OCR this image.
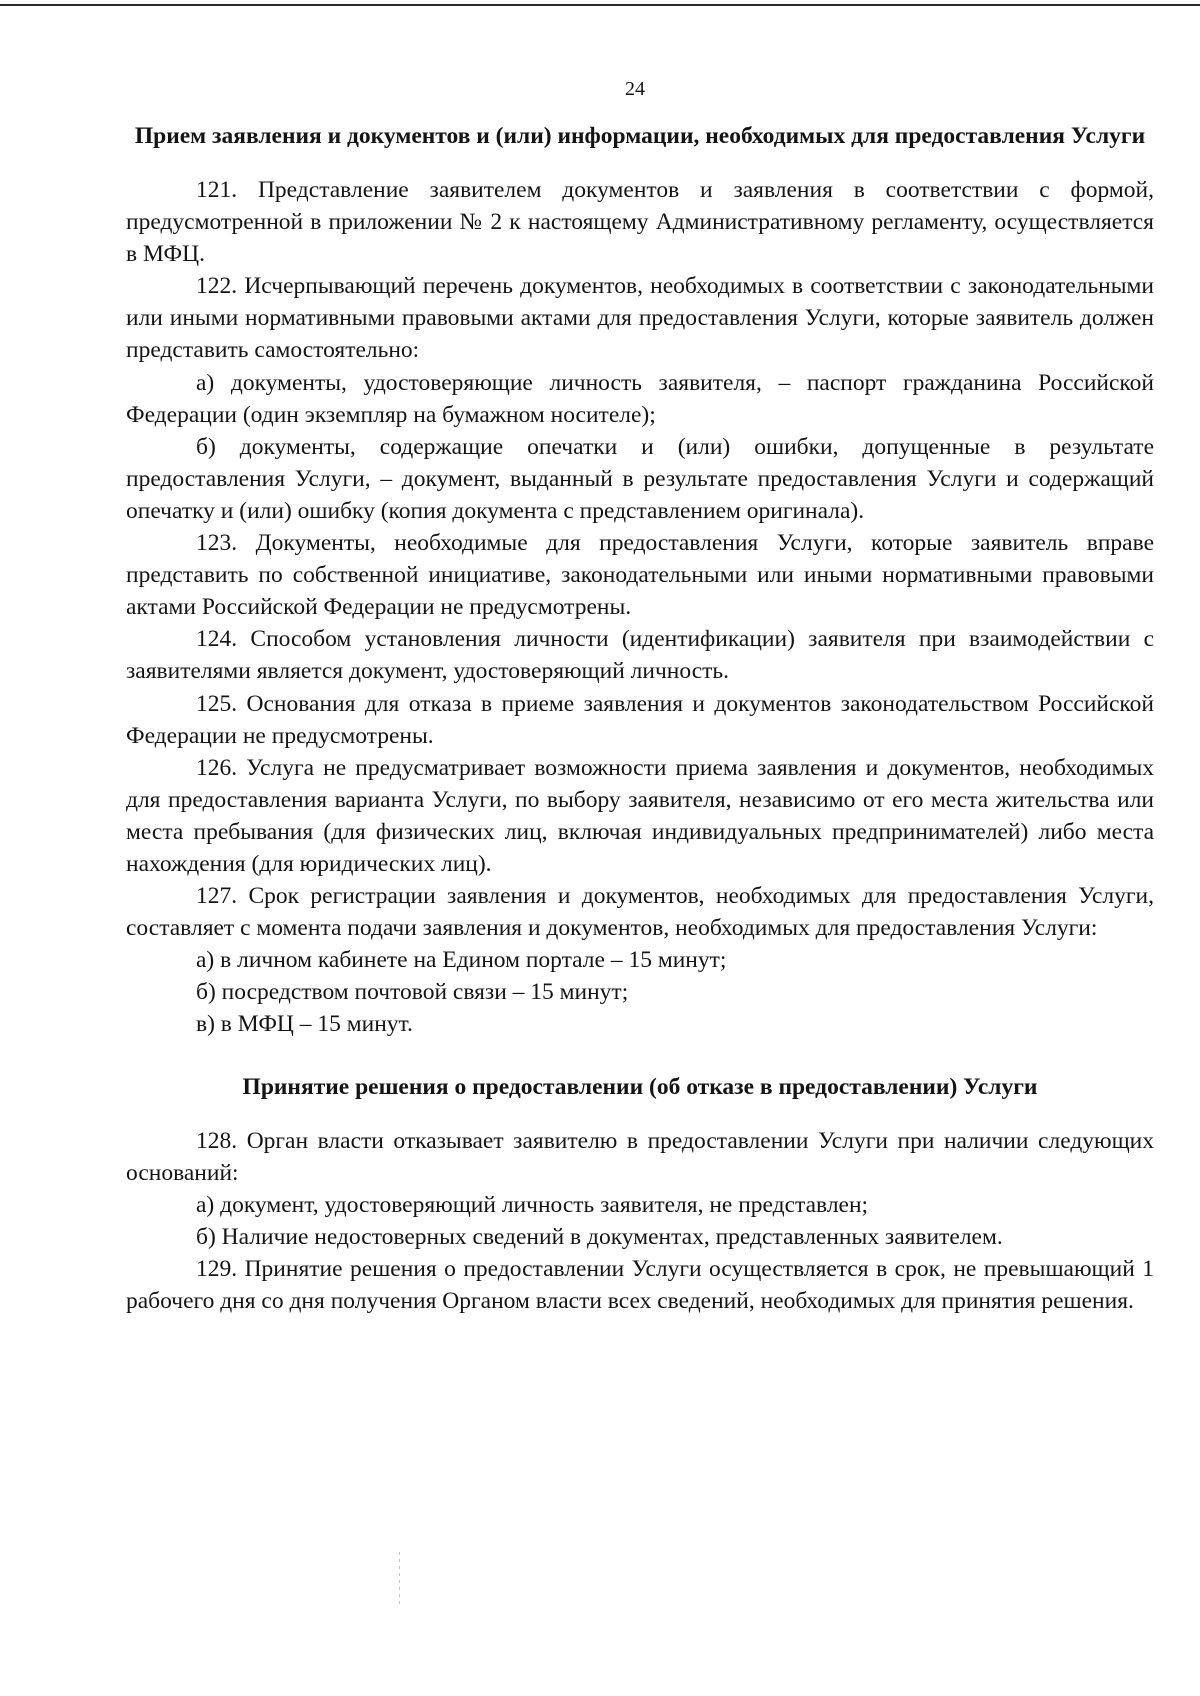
24
Прием заявления и документов и (или) информации, необходимых для предоставления Услуги

121. Представление заявителем документов и заявления в соответствии с формой, предусмотренной в приложении № 2 к настоящему Административному регламенту, осуществляется в МФЦ.

122. Исчерпывающий перечень документов, необходимых в соответствии с законодательными или иными нормативными правовыми актами для предоставления Услуги, которые заявитель должен представить самостоятельно:

а) документы, удостоверяющие личность заявителя, – паспорт гражданина Российской Федерации (один экземпляр на бумажном носителе);

б) документы, содержащие опечатки и (или) ошибки, допущенные в результате предоставления Услуги, – документ, выданный в результате предоставления Услуги и содержащий опечатку и (или) ошибку (копия документа с представлением оригинала).

123. Документы, необходимые для предоставления Услуги, которые заявитель вправе представить по собственной инициативе, законодательными или иными нормативными правовыми актами Российской Федерации не предусмотрены.

124. Способом установления личности (идентификации) заявителя при взаимодействии с заявителями является документ, удостоверяющий личность.

125. Основания для отказа в приеме заявления и документов законодательством Российской Федерации не предусмотрены.

126. Услуга не предусматривает возможности приема заявления и документов, необходимых для предоставления варианта Услуги, по выбору заявителя, независимо от его места жительства или места пребывания (для физических лиц, включая индивидуальных предпринимателей) либо места нахождения (для юридических лиц).

127. Срок регистрации заявления и документов, необходимых для предоставления Услуги, составляет с момента подачи заявления и документов, необходимых для предоставления Услуги:

а) в личном кабинете на Едином портале – 15 минут;

б) посредством почтовой связи – 15 минут;

в) в МФЦ – 15 минут.

Принятие решения о предоставлении (об отказе в предоставлении) Услуги

128. Орган власти отказывает заявителю в предоставлении Услуги при наличии следующих оснований:

а) документ, удостоверяющий личность заявителя, не представлен;

б) Наличие недостоверных сведений в документах, представленных заявителем.

129. Принятие решения о предоставлении Услуги осуществляется в срок, не превышающий 1 рабочего дня со дня получения Органом власти всех сведений, необходимых для принятия решения.
